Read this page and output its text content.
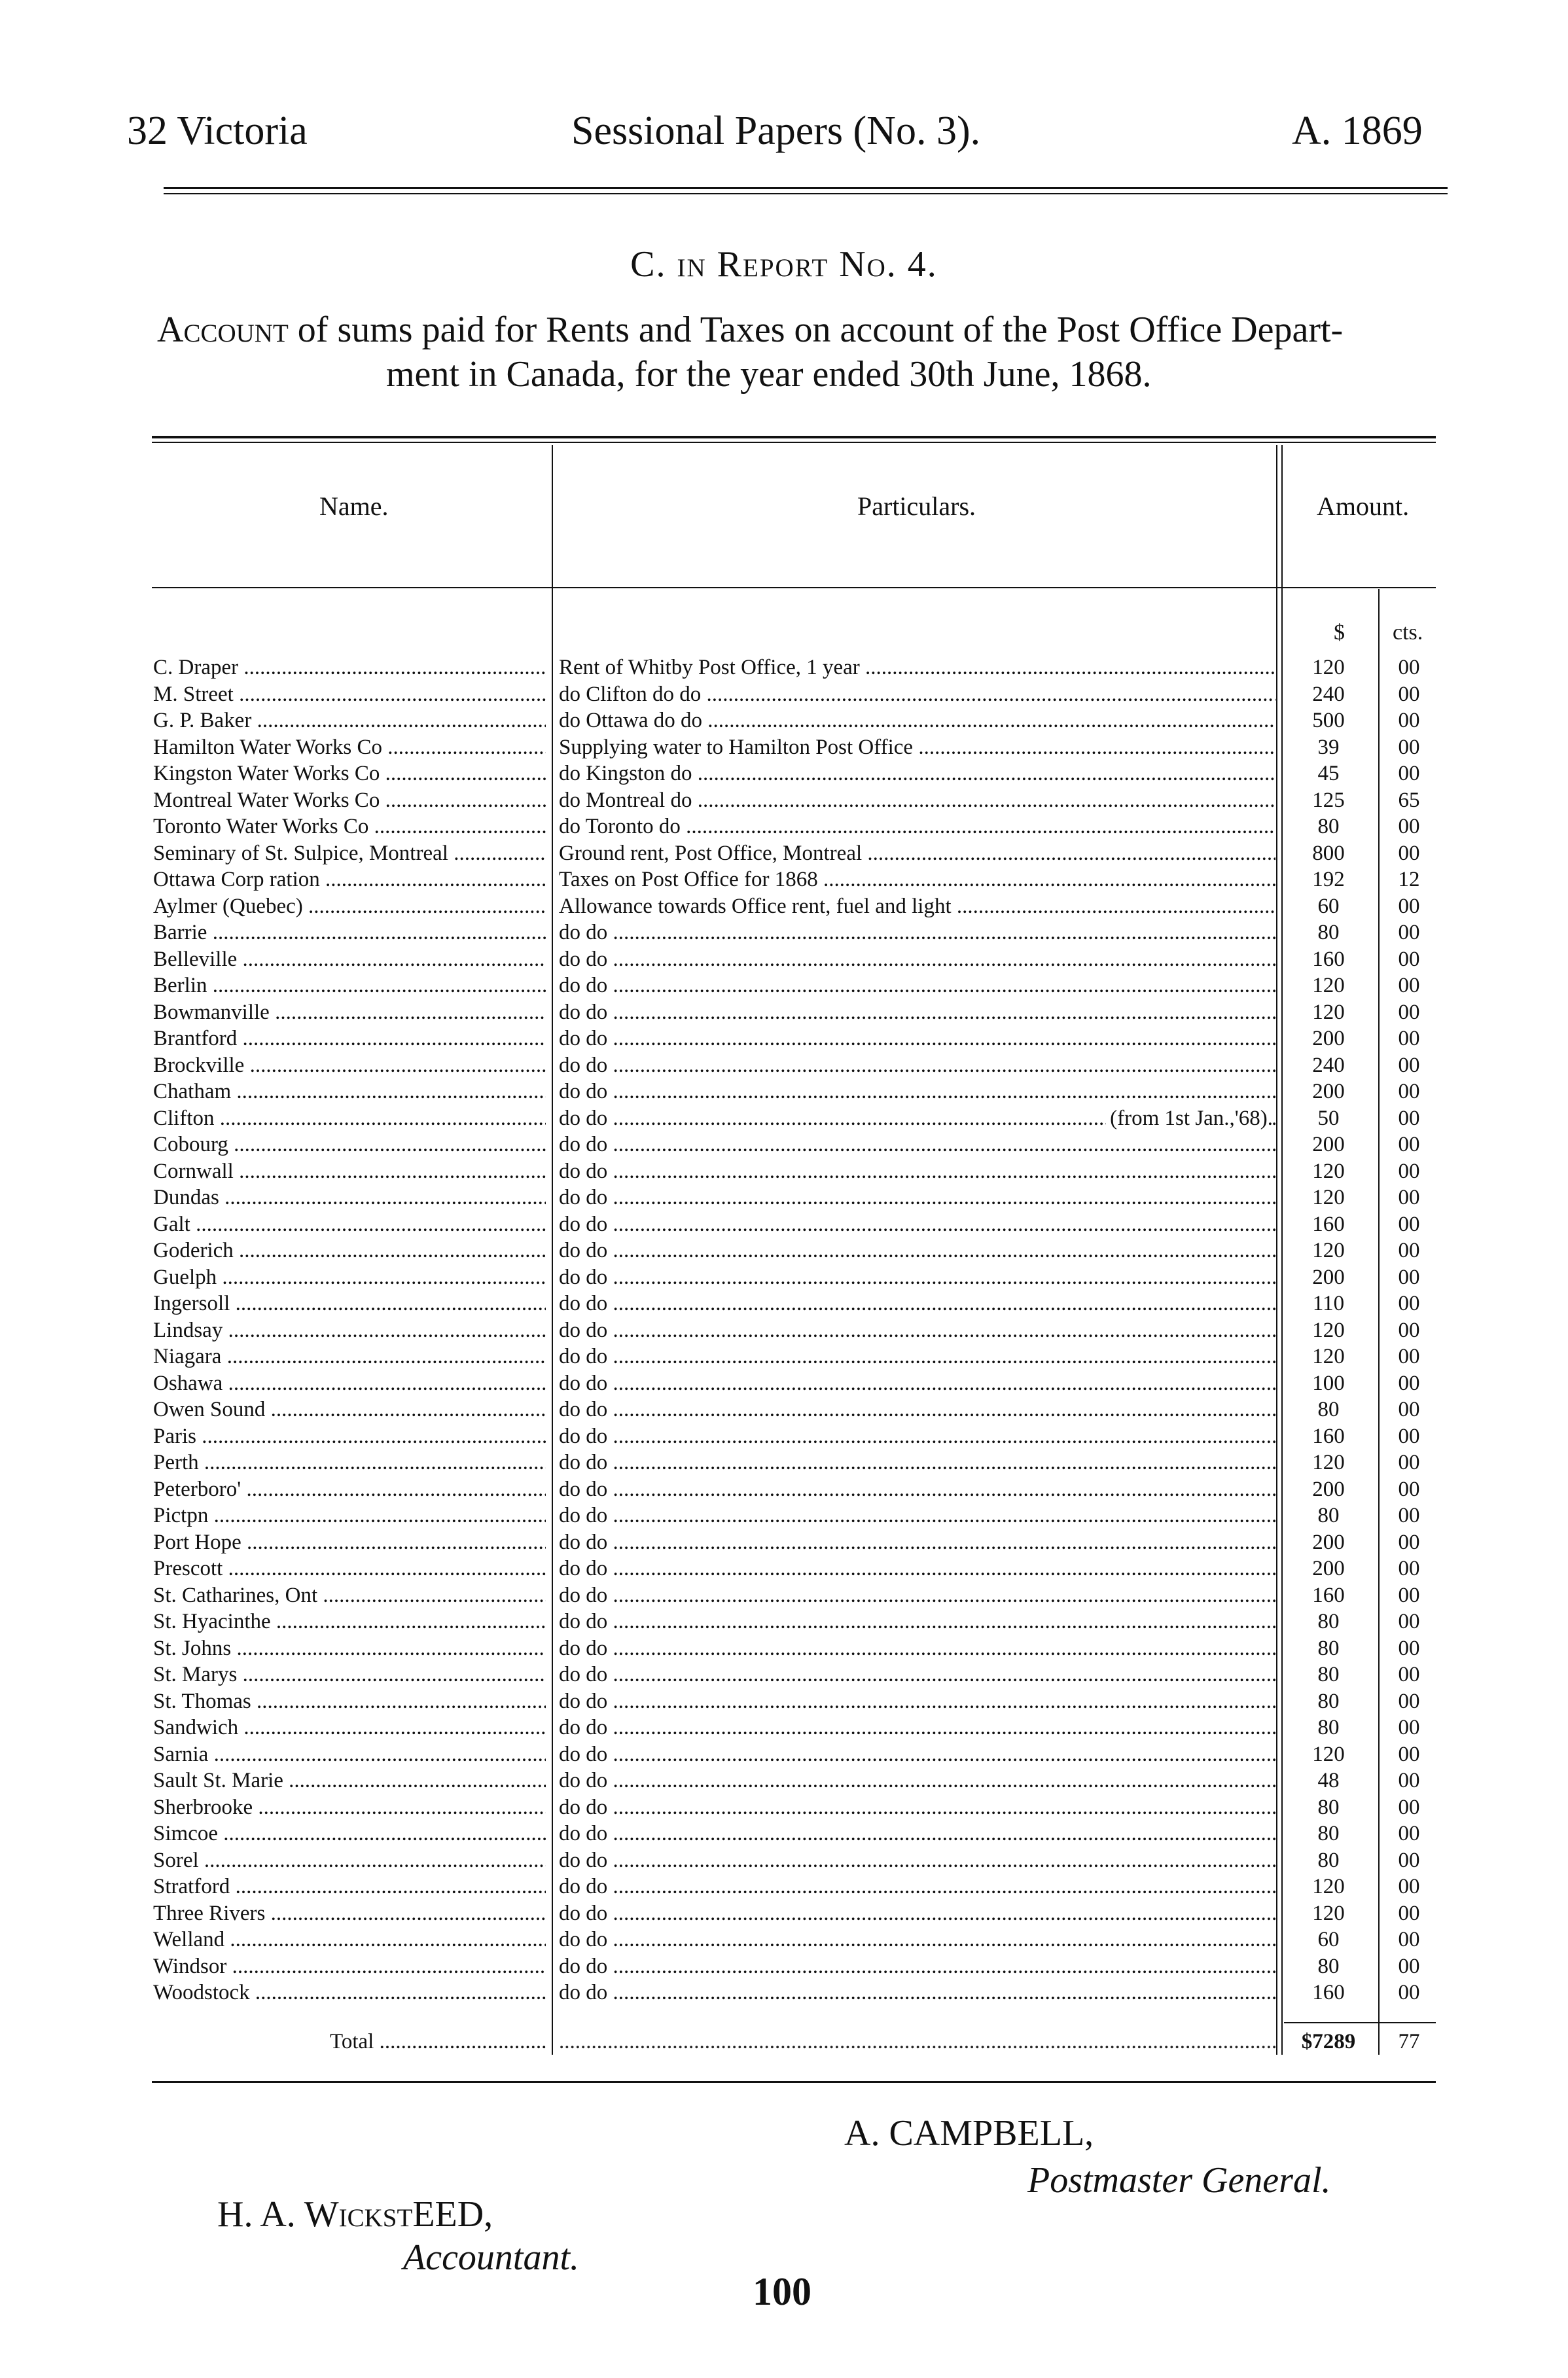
32 Victoria	Sessional Papers (No. 3).	A. 1869
C. in Report No. 4.
Account of sums paid for Rents and Taxes on account of the Post Office Depart-
ment in Canada, for the year ended 30th June, 1868.
Name.	Particulars.	Amount.
$ cts.
C. Draper .....	Rent of Whitby Post Office, 1 year .....	120	00
M. Street .....	do Clifton do do .....	240	00
G. P. Baker .....	do Ottawa do do .....	500	00
Hamilton Water Works Co .....	Supplying water to Hamilton Post Office .....	39	00
Kingston Water Works Co .....	do Kingston do .....	45	00
Montreal Water Works Co .....	do Montreal do .....	125	65
Toronto Water Works Co .....	do Toronto do .....	80	00
Seminary of St. Sulpice, Montreal .....	Ground rent, Post Office, Montreal .....	800	00
Ottawa Corp ration .....	Taxes on Post Office for 1868 .....	192	12
Aylmer (Quebec) .....	Allowance towards Office rent, fuel and light .....	60	00
Barrie .....	do do .....	80	00
Belleville .....	do do .....	160	00
Berlin .....	do do .....	120	00
Bowmanville .....	do do .....	120	00
Brantford .....	do do .....	200	00
Brockville .....	do do .....	240	00
Chatham .....	do do .....	200	00
Clifton .....	do do	(from 1st Jan.,'68). .....	50	00
Cobourg .....	do do .....	200	00
Cornwall .....	do do .....	120	00
Dundas .....	do do .....	120	00
Galt .....	do do .....	160	00
Goderich .....	do do .....	120	00
Guelph .....	do do .....	200	00
Ingersoll .....	do do .....	110	00
Lindsay .....	do do .....	120	00
Niagara .....	do do .....	120	00
Oshawa .....	do do .....	100	00
Owen Sound .....	do do .....	80	00
Paris .....	do do .....	160	00
Perth .....	do do .....	120	00
Peterboro' .....	do do .....	200	00
Pictpn .....	do do .....	80	00
Port Hope .....	do do .....	200	00
Prescott .....	do do .....	200	00
St. Catharines, Ont .....	do do .....	160	00
St. Hyacinthe .....	do do .....	80	00
St. Johns .....	do do .....	80	00
St. Marys .....	do do .....	80	00
St. Thomas .....	do do .....	80	00
Sandwich .....	do do .....	80	00
Sarnia .....	do do .....	120	00
Sault St. Marie .....	do do .....	48	00
Sherbrooke .....	do do .....	80	00
Simcoe .....	do do .....	80	00
Sorel .....	do do .....	80	00
Stratford .....	do do .....	120	00
Three Rivers .....	do do .....	120	00
Welland .....	do do .....	60	00
Windsor .....	do do .....	80	00
Woodstock .....	do do .....	160	00
Total ..... .....	$7289	77
A. CAMPBELL,
Postmaster General.
H. A. WickstEED,
Accountant.
100
